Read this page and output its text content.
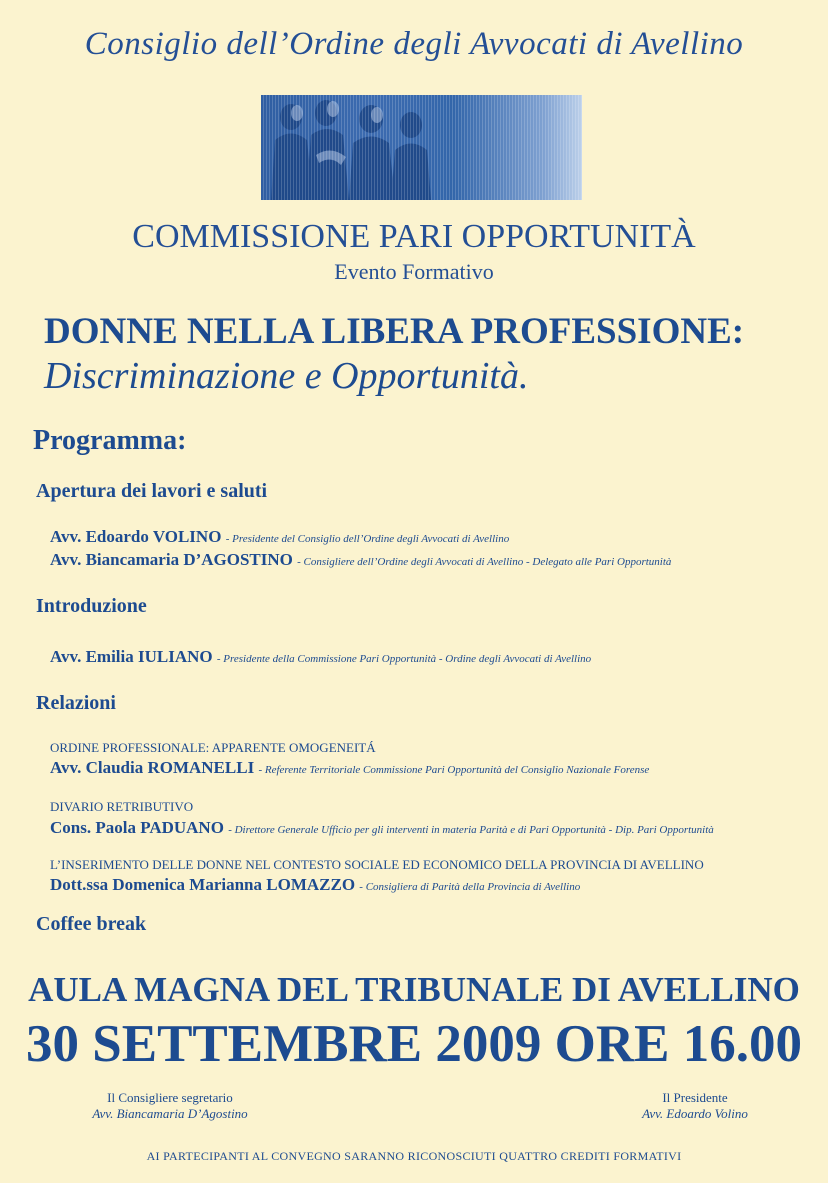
Consiglio dell’Ordine degli Avvocati di Avellino
COMMISSIONE PARI OPPORTUNITÀ
Evento Formativo
DONNE NELLA LIBERA PROFESSIONE:
Discriminazione e Opportunità.
Programma:
Apertura dei lavori e saluti
Avv. Edoardo VOLINO - Presidente del Consiglio dell’Ordine degli Avvocati di Avellino
Avv. Biancamaria D’AGOSTINO - Consigliere dell’Ordine degli Avvocati di Avellino - Delegato alle Pari Opportunità
Introduzione
Avv. Emilia IULIANO - Presidente della Commissione Pari Opportunità - Ordine degli Avvocati di Avellino
Relazioni
ORDINE PROFESSIONALE: APPARENTE OMOGENEITÁ
Avv. Claudia ROMANELLI - Referente Territoriale Commissione Pari Opportunità del Consiglio Nazionale Forense
DIVARIO RETRIBUTIVO
Cons. Paola PADUANO - Direttore Generale Ufficio per gli interventi in materia Parità e di Pari Opportunità - Dip. Pari Opportunità
L’INSERIMENTO DELLE DONNE NEL CONTESTO SOCIALE ED ECONOMICO DELLA PROVINCIA DI AVELLINO
Dott.ssa Domenica Marianna LOMAZZO - Consigliera di Parità della Provincia di Avellino
Coffee break
AULA MAGNA DEL TRIBUNALE DI AVELLINO
30 SETTEMBRE 2009 ORE 16.00
Il Consigliere segretario
Avv. Biancamaria D’Agostino
Il Presidente
Avv. Edoardo Volino
AI PARTECIPANTI AL CONVEGNO SARANNO RICONOSCIUTI QUATTRO CREDITI FORMATIVI
